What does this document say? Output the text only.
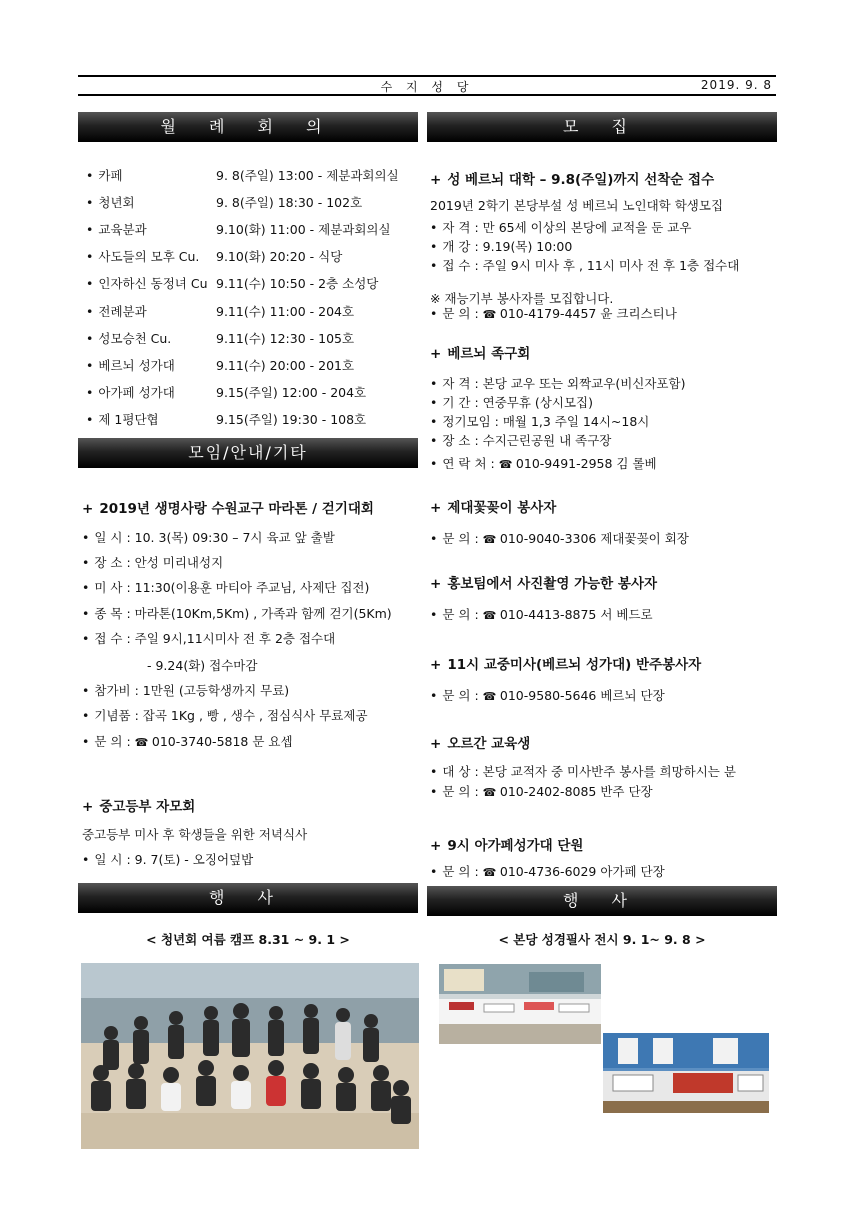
수 지 성 당	2019. 9. 8
월 례 회 의
모임/안내/기타
+ 2019년 생명사랑 수원교구 마라톤 / 걷기대회
+ 중고등부 자모회
중고등부 미사 후 학생들을 위한 저녁식사
• 일 시 : 9. 7(토) - 오징어덮밥
모 집
행 사
< 청년회 여름 캠프 8.31 ~ 9. 1 >
행 사
< 본당 성경필사 전시 9. 1~ 9. 8 >
• 카페	9. 8(주일) 13:00 - 제분과회의실
• 청년회	9. 8(주일) 18:30 - 102호
• 교육분과	9.10(화) 11:00 - 제분과회의실
• 사도들의 모후 Cu. 9.10(화) 20:20 - 식당
• 인자하신 동정녀 Cu 9.11(수) 10:50 - 2층 소성당
• 전례분과	9.11(수) 11:00 - 204호
• 성모승천 Cu.	9.11(수) 12:30 - 105호
• 베르뇌 성가대	9.11(수) 20:00 - 201호
• 아가페 성가대	9.15(주일) 12:00 - 204호
• 제 1평단협	9.15(주일) 19:30 - 108호
• 일 시 : 10. 3(목) 09:30 – 7시 육교 앞 출발
• 장 소 : 안성 미리내성지
• 미 사 : 11:30(이용훈 마티아 주교님, 사제단 집전)
• 종 목 : 마라톤(10Km,5Km) , 가족과 함께 걷기(5Km)
• 접 수 : 주일 9시,11시미사 전 후 2층 접수대
- 9.24(화) 접수마감
• 참가비 : 1만원 (고등학생까지 무료)
• 기념품 : 잡곡 1Kg , 빵 , 생수 , 점심식사 무료제공
• 문 의 : ☎ 010-3740-5818 문 요셉
+ 성 베르뇌 대학 – 9.8(주일)까지 선착순 접수
2019년 2학기 본당부설 성 베르뇌 노인대학 학생모집
• 자 격 : 만 65세 이상의 본당에 교적을 둔 교우
• 개 강 : 9.19(목) 10:00
• 접 수 : 주일 9시 미사 후 , 11시 미사 전 후 1층 접수대
※ 재능기부 봉사자를 모집합니다.
• 문 의 : ☎ 010-4179-4457 윤 크리스티나
+ 베르뇌 족구회
• 자 격 : 본당 교우 또는 외짝교우(비신자포함)
• 기 간 : 연중무휴 (상시모집)
• 정기모임 : 매월 1,3 주일 14시~18시
• 장 소 : 수지근린공원 내 족구장
• 연 락 처 : ☎ 010-9491-2958 김 롤베
+ 제대꽃꽂이 봉사자
• 문 의 : ☎ 010-9040-3306 제대꽃꽂이 회장
+ 홍보팀에서 사진촬영 가능한 봉사자
• 문 의 : ☎ 010-4413-8875 서 베드로
+ 11시 교중미사(베르뇌 성가대) 반주봉사자
• 문 의 : ☎ 010-9580-5646 베르뇌 단장
+ 오르간 교육생
• 대 상 : 본당 교적자 중 미사반주 봉사를 희망하시는 분
• 문 의 : ☎ 010-2402-8085 반주 단장
+ 9시 아가페성가대 단원
• 문 의 : ☎ 010-4736-6029 아가페 단장
